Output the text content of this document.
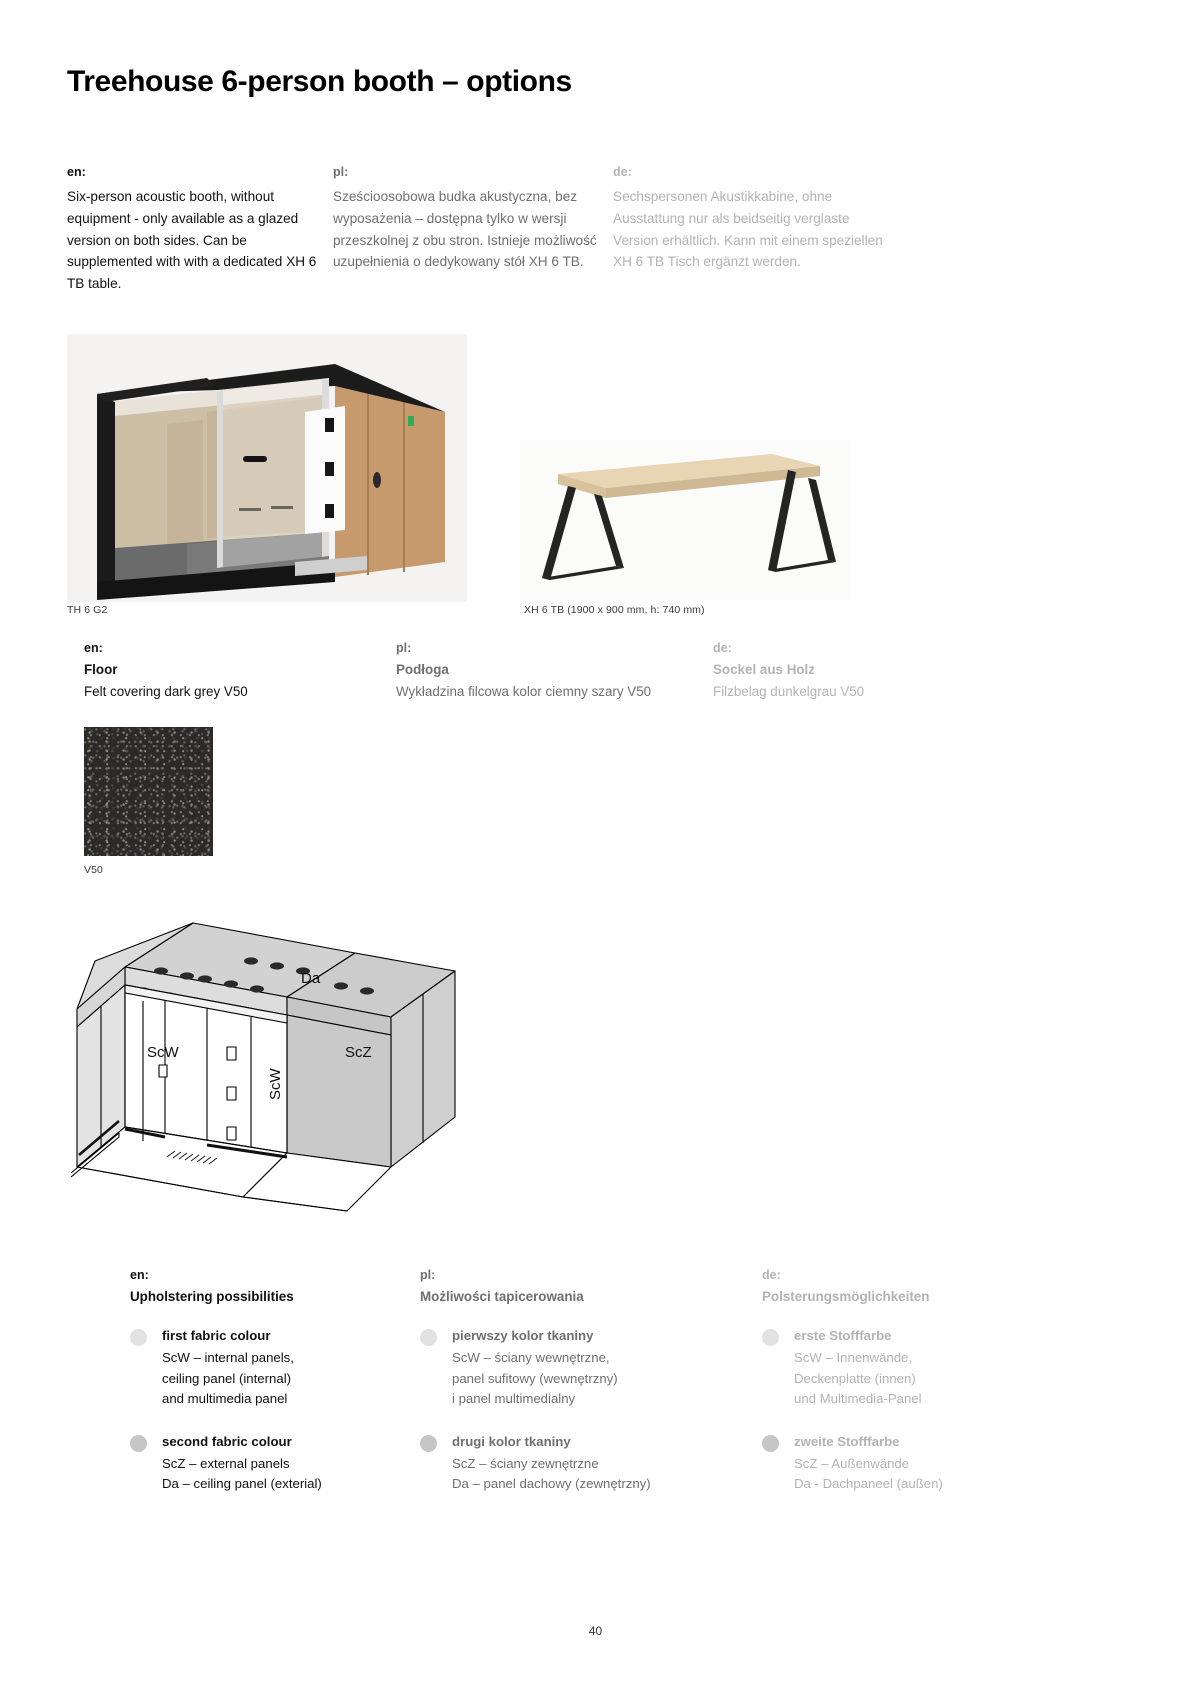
Treehouse 6-person booth – options
en:
Six-person acoustic booth, without equipment - only available as a glazed version on both sides. Can be supplemented with with a dedicated XH 6 TB table.
pl:
Sześcioosobowa budka akustyczna, bez wyposażenia – dostępna tylko w wersji przeszkolnej z obu stron. Istnieje możliwość uzupełnienia o dedykowany stół XH 6 TB.
de:
Sechspersonen Akustikkabine, ohne Ausstattung nur als beidseitig verglaste Version erhältlich. Kann mit einem speziellen XH 6 TB Tisch ergänzt werden.
TH 6 G2	XH 6 TB (1900 x 900 mm, h: 740 mm)
en:
Floor
Felt covering dark grey V50
pl:
Podłoga
Wykładzina filcowa kolor ciemny szary V50
de:
Sockel aus Holz
Filzbelag dunkelgrau V50
V50
ScW
ScW
ScZ
Da
en:
Upholstering possibilities
first fabric colour
ScW – internal panels,
ceiling panel (internal)
and multimedia panel
second fabric colour
ScZ – external panels
Da – ceiling panel (exterial)
pl:
Możliwości tapicerowania
pierwszy kolor tkaniny
ScW – ściany wewnętrzne,
panel sufitowy (wewnętrzny)
i panel multimedialny
drugi kolor tkaniny
ScZ – ściany zewnętrzne
Da – panel dachowy (zewnętrzny)
de:
Polsterungsmöglichkeiten
erste Stofffarbe
ScW – Innenwände,
Deckenplatte (innen)
und Multimedia-Panel
zweite Stofffarbe
ScZ – Außenwände
Da - Dachpaneel (außen)
40
